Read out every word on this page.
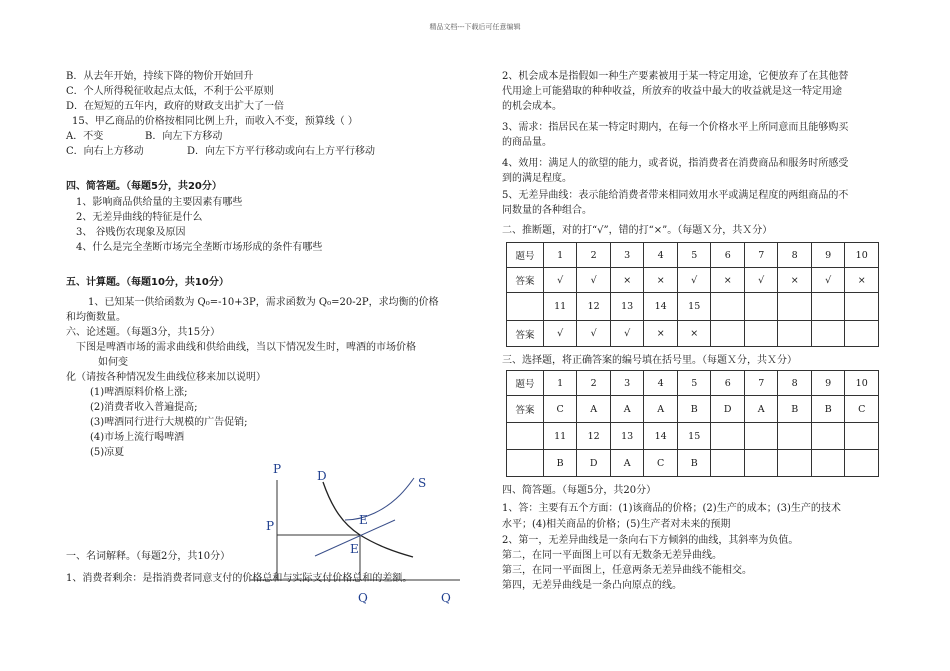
精品文档---下载后可任意编辑
B．从去年开始，持续下降的物价开始回升
C．个人所得税征收起点太低，不利于公平原则
D．在短短的五年内，政府的财政支出扩大了一倍
15、甲乙商品的价格按相同比例上升，而收入不变，预算线（ ）
A．不变	B．向左下方移动
C．向右上方移动	D．向左下方平行移动或向右上方平行移动
四、简答题。（每题5分，共20分）
1、影响商品供给量的主要因素有哪些
2、无差异曲线的特征是什么
3、 谷贱伤农现象及原因
4、什么是完全垄断市场完全垄断市场形成的条件有哪些
五、计算题。（每题10分，共10分）
1、已知某一供给函数为 Q₀=-10+3P，需求函数为 Q₀=20-2P，求均衡的价格
和均衡数量。
六、论述题。（每题3分，共15分）
下图是啤酒市场的需求曲线和供给曲线，当以下情况发生时，啤酒的市场价格
如何变
化（请按各种情况发生曲线位移来加以说明）
(1)啤酒原料价格上涨;
(2)消费者收入普遍提高;
(3)啤酒同行进行大规模的广告促销;
(4)市场上流行喝啤酒
(5)凉夏
P
P
D	S
E
E
Q	Q
一、名词解释。（每题2分，共10分）
1、消费者剩余：是指消费者同意支付的价格总和与实际支付价格总和的差额。
2、机会成本是指假如一种生产要素被用于某一特定用途，它便放弃了在其他替
代用途上可能猎取的种种收益，所放弃的收益中最大的收益就是这一特定用途
的机会成本。
3、需求：指居民在某一特定时期内，在每一个价格水平上所同意而且能够购买
的商品量。
4、效用：满足人的欲望的能力，或者说，指消费者在消费商品和服务时所感受
到的满足程度。
5、无差异曲线：表示能给消费者带来相同效用水平或满足程度的两组商品的不
同数量的各种组合。
二、推断题，对的打“√”，错的打“×”。（每题Ｘ分，共Ｘ分）
题号	1	2	3	4	5	6	7	8	9	10
答案	√	√	×	×	√	×	√	×	√	×
	11	12	13	14	15					
答案	√	√	√	×	×					
三、选择题，将正确答案的编号填在括号里。（每题Ｘ分，共Ｘ分）
题号	1	2	3	4	5	6	7	8	9	10
答案	C	A	A	A	B	D	A	B	B	C
	11	12	13	14	15					
	B	D	A	C	B					
四、简答题。（每题5分，共20分）
1、答：主要有五个方面：(1)该商品的价格；(2)生产的成本；(3)生产的技术
水平；(4)相关商品的价格；(5)生产者对未来的预期
2、第一，无差异曲线是一条向右下方倾斜的曲线，其斜率为负值。
第二，在同一平面图上可以有无数条无差异曲线。
第三，在同一平面图上，任意两条无差异曲线不能相交。
第四，无差异曲线是一条凸向原点的线。
